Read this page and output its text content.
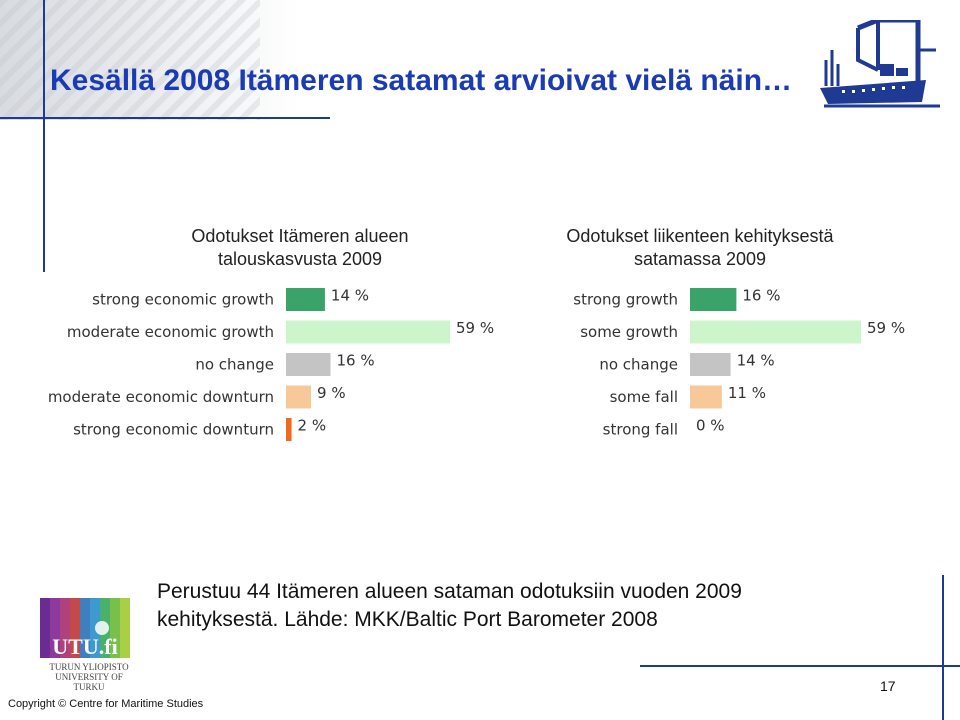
Kesällä 2008 Itämeren satamat arvioivat vielä näin…
Odotukset Itämeren alueen
talouskasvusta 2009
Odotukset liikenteen kehityksestä
satamassa 2009
strong economic growth	14 %
moderate economic growth	59 %
no change	16 %
moderate economic downturn	9 %
strong economic downturn 2 %
strong growth	16 %
some growth	59 %
no change	14 %
some fall	11 %
strong fall 0 %
Perustuu 44 Itämeren alueen sataman odotuksiin vuoden 2009
kehityksestä. Lähde: MKK/Baltic Port Barometer 2008
UTU.fi
TURUN YLIOPISTO
UNIVERSITY OF TURKU
Copyright © Centre for Maritime Studies
17
